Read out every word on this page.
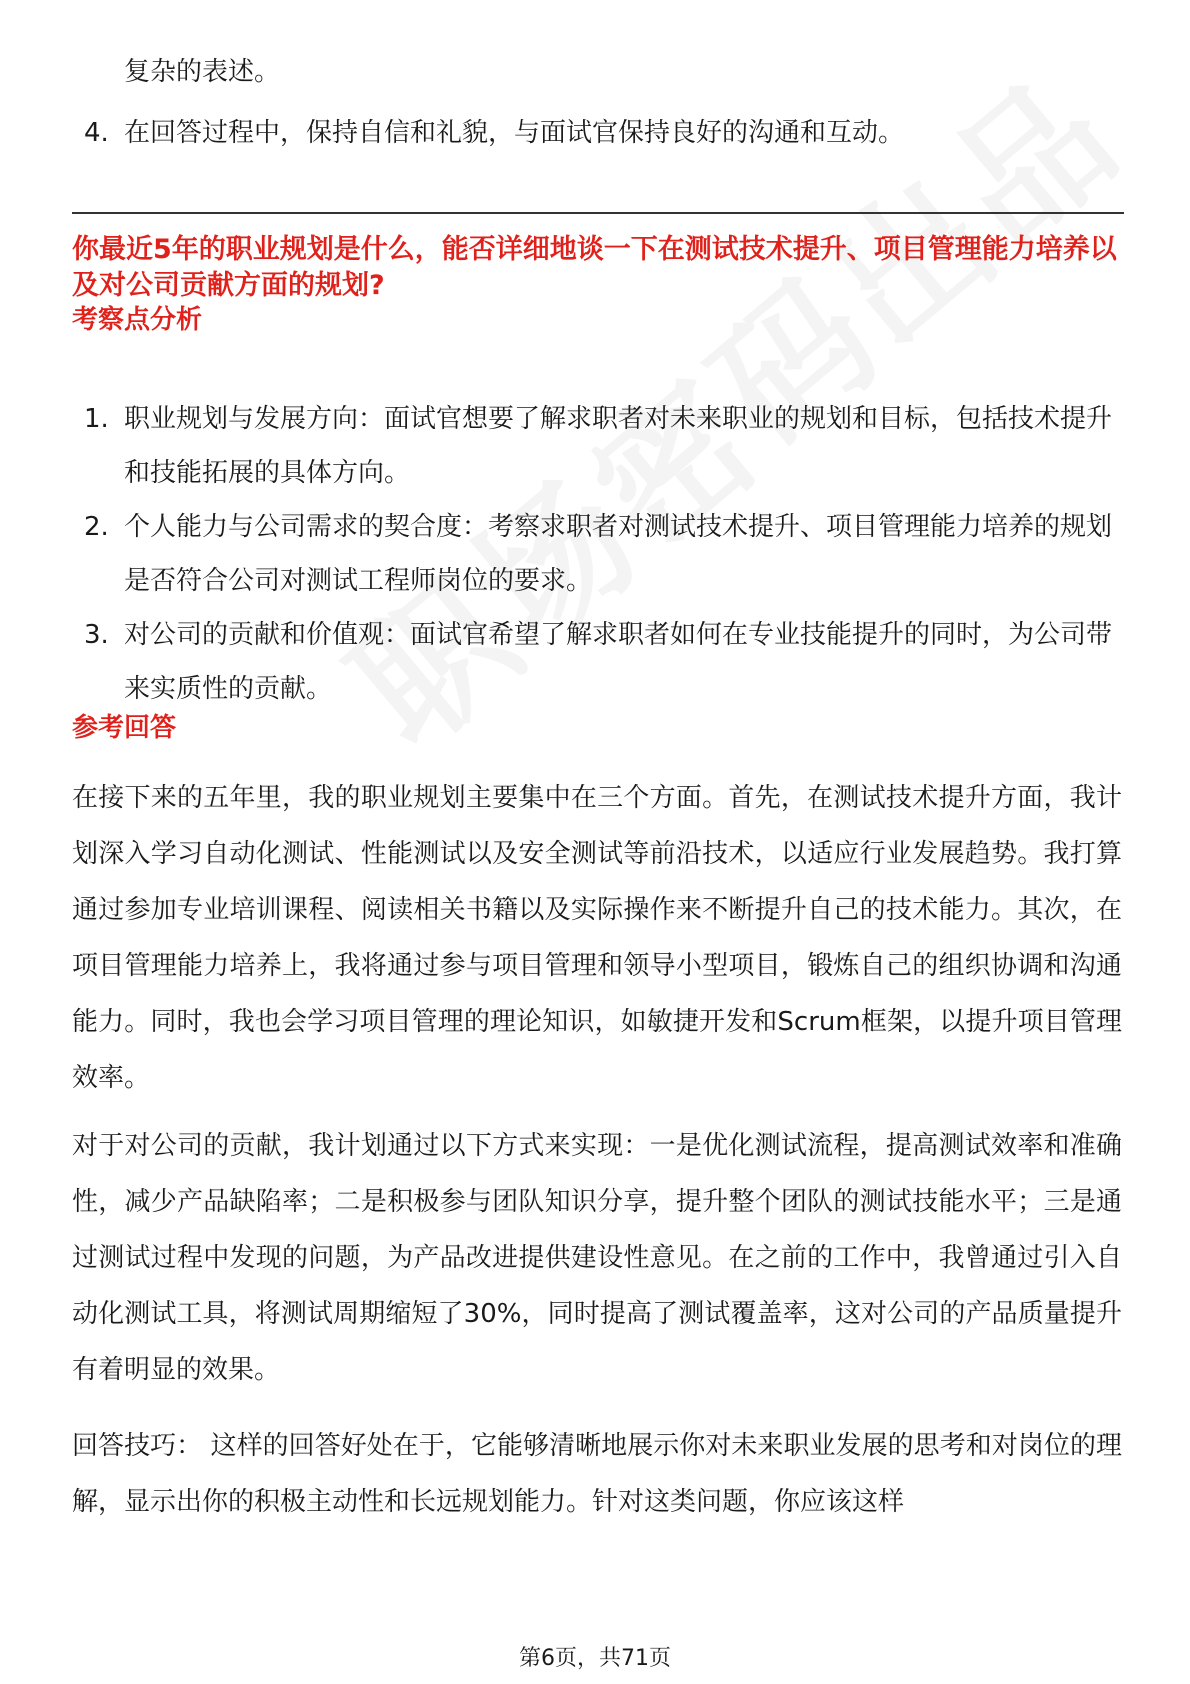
复杂的表述。
4. 在回答过程中，保持自信和礼貌，与面试官保持良好的沟通和互动。
你最近5年的职业规划是什么，能否详细地谈一下在测试技术提升、项目管理能力培养以及对公司贡献方面的规划?
考察点分析
1. 职业规划与发展方向：面试官想要了解求职者对未来职业的规划和目标，包括技术提升和技能拓展的具体方向。
2. 个人能力与公司需求的契合度：考察求职者对测试技术提升、项目管理能力培养的规划是否符合公司对测试工程师岗位的要求。
3. 对公司的贡献和价值观：面试官希望了解求职者如何在专业技能提升的同时，为公司带来实质性的贡献。
参考回答

在接下来的五年里，我的职业规划主要集中在三个方面。首先，在测试技术提升方面，我计划深入学习自动化测试、性能测试以及安全测试等前沿技术，以适应行业发展趋势。我打算通过参加专业培训课程、阅读相关书籍以及实际操作来不断提升自己的技术能力。其次，在项目管理能力培养上，我将通过参与项目管理和领导小型项目，锻炼自己的组织协调和沟通能力。同时，我也会学习项目管理的理论知识，如敏捷开发和Scrum框架，以提升项目管理效率。

对于对公司的贡献，我计划通过以下方式来实现：一是优化测试流程，提高测试效率和准确性，减少产品缺陷率；二是积极参与团队知识分享，提升整个团队的测试技能水平；三是通过测试过程中发现的问题，为产品改进提供建设性意见。在之前的工作中，我曾通过引入自动化测试工具，将测试周期缩短了30%，同时提高了测试覆盖率，这对公司的产品质量提升有着明显的效果。

回答技巧： 这样的回答好处在于，它能够清晰地展示你对未来职业发展的思考和对岗位的理解，显示出你的积极主动性和长远规划能力。针对这类问题，你应该这样

第6页，共71页
